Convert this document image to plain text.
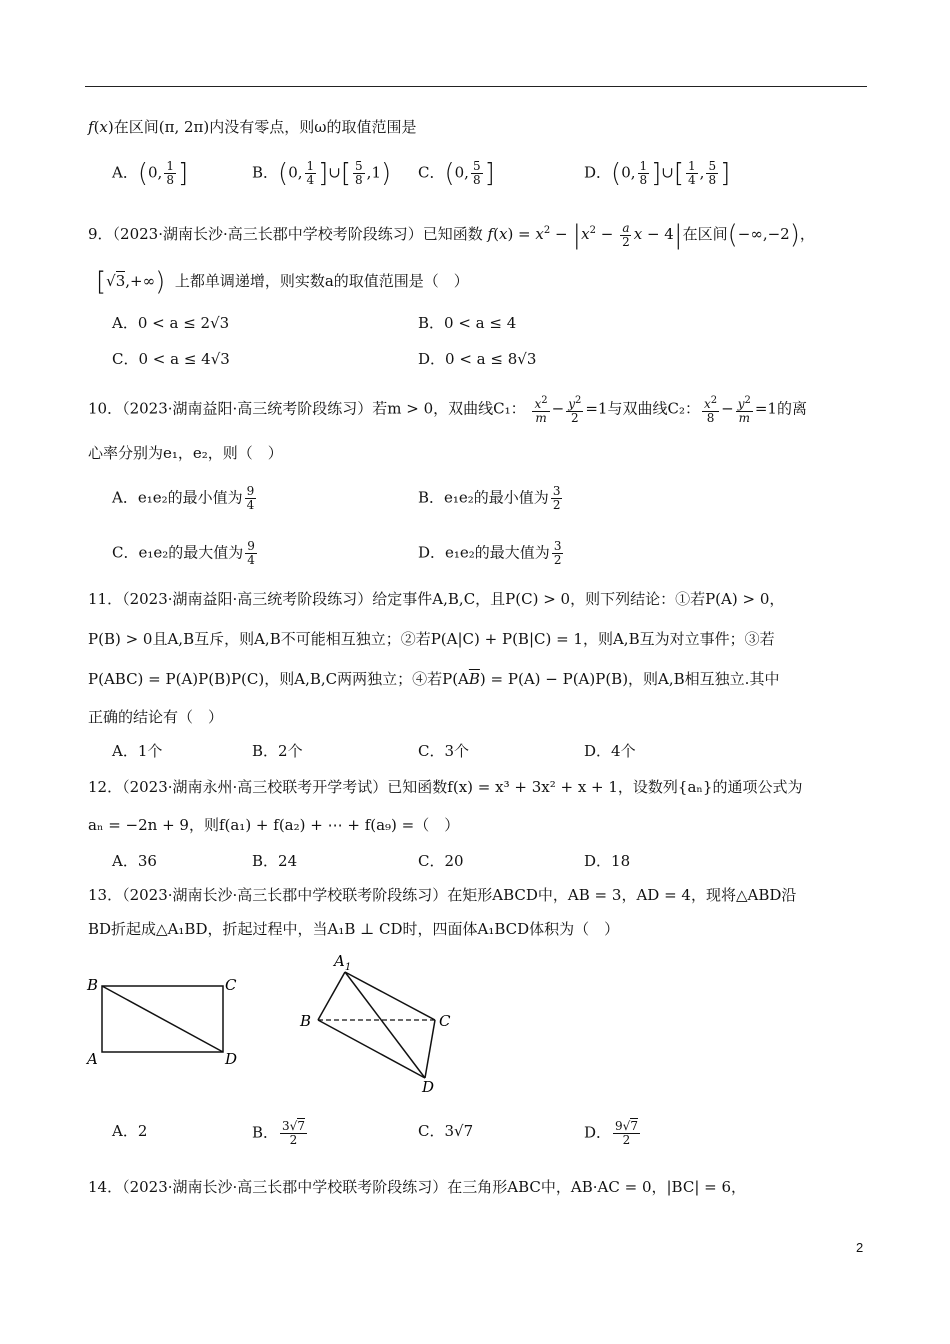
f(x)在区间(π, 2π)内没有零点，则ω的取值范围是
A．(0, $\frac{1}{8}$ ]	B．(0, $\frac{1}{4}$ ]∪[ $\frac{5}{8} ,1$) C．(0, $\frac{5}{8}$ ]	D．(0, $\frac{1}{8}$ ]∪[ $\frac{1}{4}$ , $\frac{5}{8}$ ]
9．（2023·湖南长沙·高三长郡中学校考阶段练习）已知函数 $f(x) = x^2 - |x^2 - \frac{a}{2}$ x − 4|在区间(−∞,−2)，
[√3,+∞) 上都单调递增，则实数a的取值范围是（　）
A．0 < a ≤ 2√3	B．0 < a ≤ 4
C．0 < a ≤ 4√3	D．0 < a ≤ 8√3
10．（2023·湖南益阳·高三统考阶段练习）若m > 0，双曲线C₁： $\frac{x^2}{m} - \frac{y^2}{2} =1$与双曲线C₂： $\frac{x^2}{8} - \frac{y^2}{m} =1$的离
心率分别为e₁，e₂，则（　）
A．e₁e₂的最小值为 $\frac{9}{4}$	B．e₁e₂的最小值为 $\frac{3}{2}$
C．e₁e₂的最大值为 $\frac{9}{4}$	D．e₁e₂的最大值为 $\frac{3}{2}$
11．（2023·湖南益阳·高三统考阶段练习）给定事件A,B,C，且P(C) > 0，则下列结论：①若P(A) > 0，
P(B) > 0且A,B互斥，则A,B不可能相互独立；②若P(A|C) + P(B|C) = 1，则A,B互为对立事件；③若
P(ABC) = P(A)P(B)P(C)，则A,B,C两两独立；④若$P(A\overline{B}) = P(A) - P(A)P(B)$，则A,B相互独立.其中
正确的结论有（　）
A．1个	B．2个	C．3个	D．4个
12．（2023·湖南永州·高三校联考开学考试）已知函数f(x) = x³ + 3x² + x + 1，设数列{aₙ}的通项公式为
aₙ = −2n + 9，则f(a₁) + f(a₂) + ⋯ + f(a₉) =（　）
A．36	B．24	C．20	D．18
13．（2023·湖南长沙·高三长郡中学校联考阶段练习）在矩形ABCD中，AB = 3，AD = 4，现将△ABD沿
BD折起成△A₁BD，折起过程中，当A₁B ⊥ CD时，四面体A₁BCD体积为（　）
B	C
A	D
$A_1$
B	C
D
A．2	B． $\frac{3√7}{2}$	C．3√7	D． $\frac{9√7}{2}$
14．（2023·湖南长沙·高三长郡中学校联考阶段练习）在三角形ABC中，AB·AC = 0，|BC| = 6，
2
